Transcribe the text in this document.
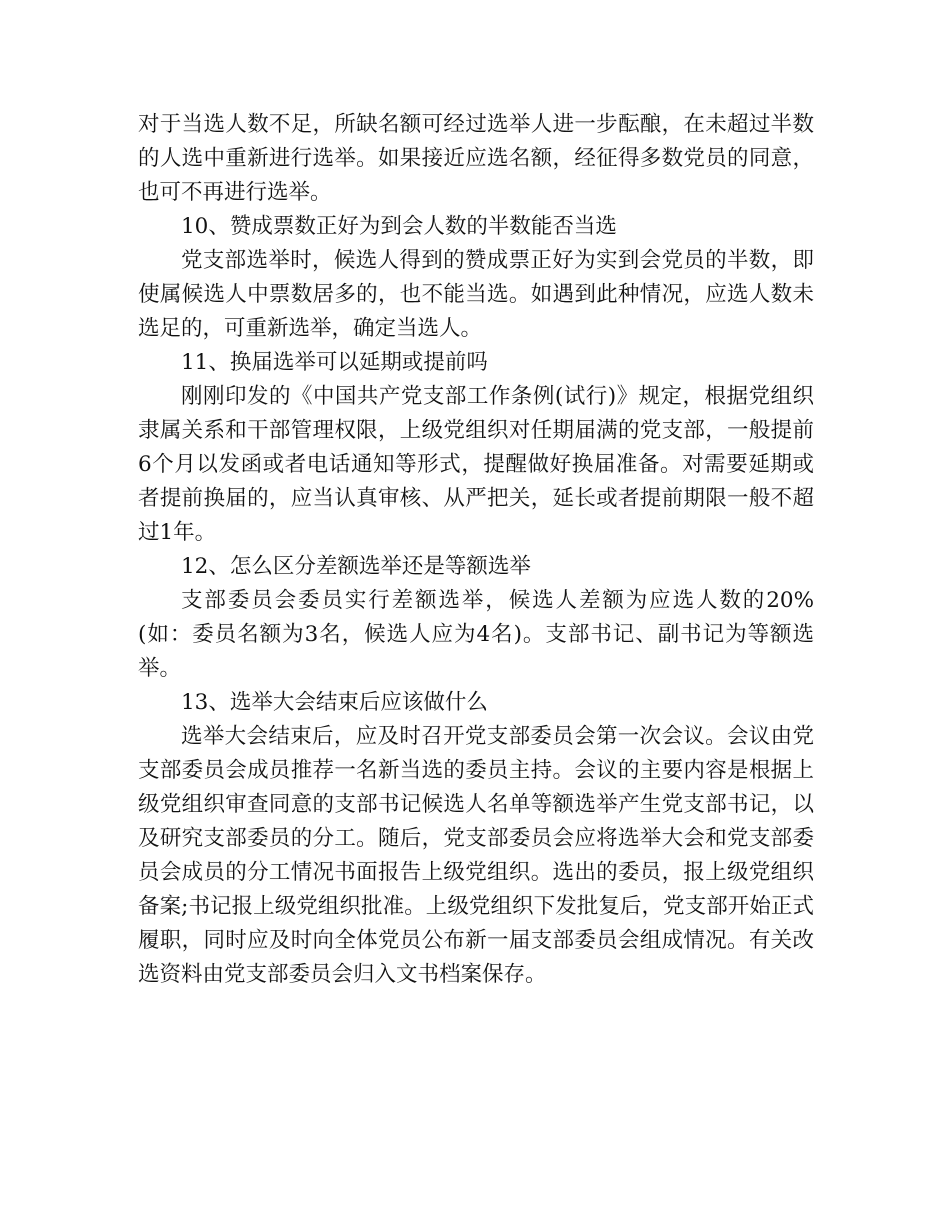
对于当选人数不足，所缺名额可经过选举人进一步酝酿，在未超过半数的人选中重新进行选举。如果接近应选名额，经征得多数党员的同意，也可不再进行选举。

10、赞成票数正好为到会人数的半数能否当选

党支部选举时，候选人得到的赞成票正好为实到会党员的半数，即使属候选人中票数居多的，也不能当选。如遇到此种情况，应选人数未选足的，可重新选举，确定当选人。

11、换届选举可以延期或提前吗

刚刚印发的《中国共产党支部工作条例(试行)》规定，根据党组织隶属关系和干部管理权限，上级党组织对任期届满的党支部，一般提前6个月以发函或者电话通知等形式，提醒做好换届准备。对需要延期或者提前换届的，应当认真审核、从严把关，延长或者提前期限一般不超过1年。

12、怎么区分差额选举还是等额选举

支部委员会委员实行差额选举，候选人差额为应选人数的20%(如：委员名额为3名，候选人应为4名)。支部书记、副书记为等额选举。

13、选举大会结束后应该做什么

选举大会结束后，应及时召开党支部委员会第一次会议。会议由党支部委员会成员推荐一名新当选的委员主持。会议的主要内容是根据上级党组织审查同意的支部书记候选人名单等额选举产生党支部书记，以及研究支部委员的分工。随后，党支部委员会应将选举大会和党支部委员会成员的分工情况书面报告上级党组织。选出的委员，报上级党组织备案;书记报上级党组织批准。上级党组织下发批复后，党支部开始正式履职，同时应及时向全体党员公布新一届支部委员会组成情况。有关改选资料由党支部委员会归入文书档案保存。
